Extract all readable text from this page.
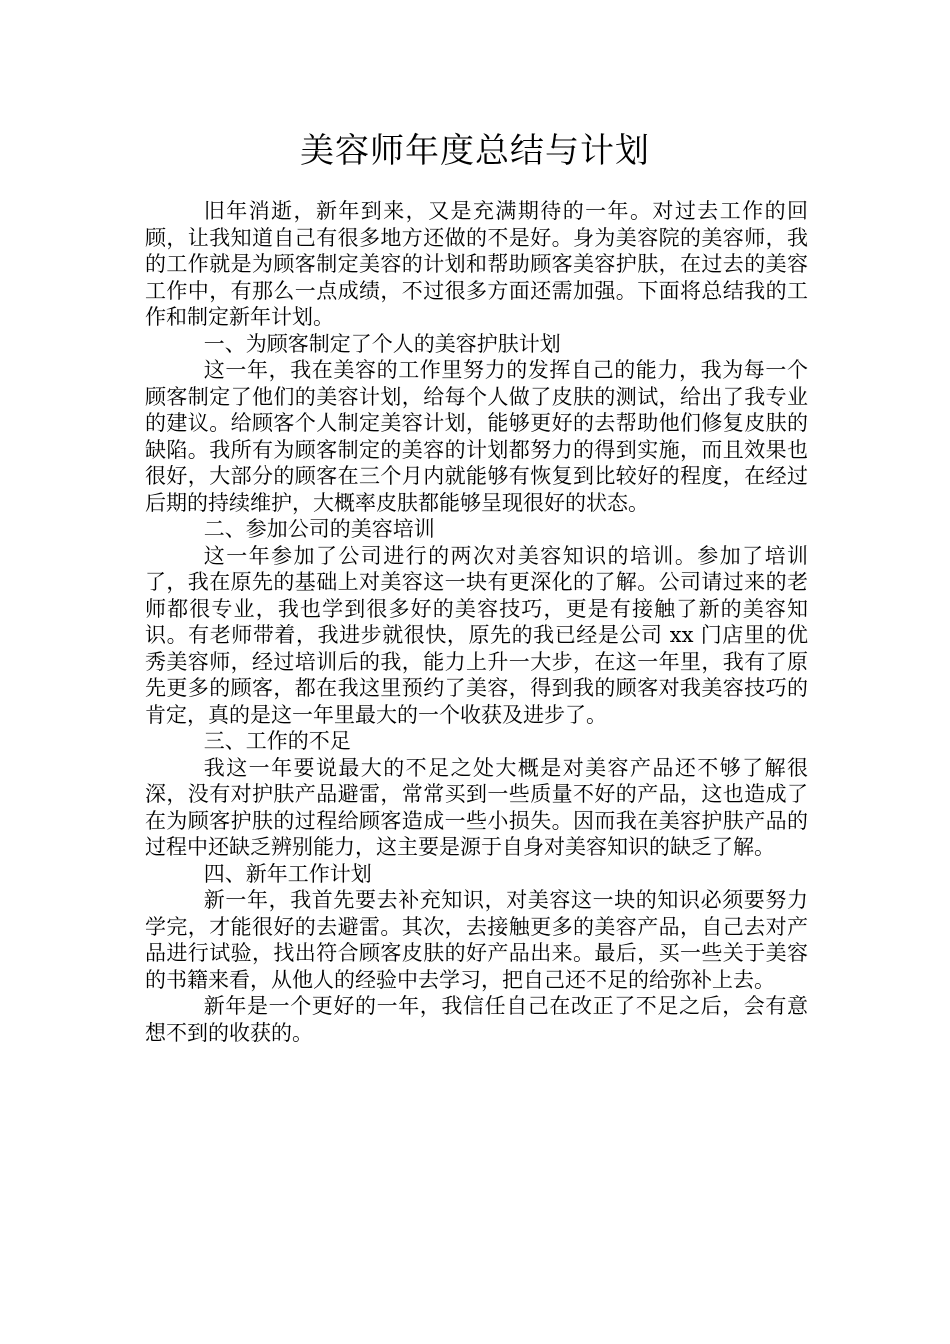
美容师年度总结与计划

旧年消逝，新年到来，又是充满期待的一年。对过去工作的回顾，让我知道自己有很多地方还做的不是好。身为美容院的美容师，我的工作就是为顾客制定美容的计划和帮助顾客美容护肤，在过去的美容工作中，有那么一点成绩，不过很多方面还需加强。下面将总结我的工作和制定新年计划。

一、为顾客制定了个人的美容护肤计划

这一年，我在美容的工作里努力的发挥自己的能力，我为每一个顾客制定了他们的美容计划，给每个人做了皮肤的测试，给出了我专业的建议。给顾客个人制定美容计划，能够更好的去帮助他们修复皮肤的缺陷。我所有为顾客制定的美容的计划都努力的得到实施，而且效果也很好，大部分的顾客在三个月内就能够有恢复到比较好的程度，在经过后期的持续维护，大概率皮肤都能够呈现很好的状态。

二、参加公司的美容培训

这一年参加了公司进行的两次对美容知识的培训。参加了培训了，我在原先的基础上对美容这一块有更深化的了解。公司请过来的老师都很专业，我也学到很多好的美容技巧，更是有接触了新的美容知识。有老师带着，我进步就很快，原先的我已经是公司 xx 门店里的优秀美容师，经过培训后的我，能力上升一大步，在这一年里，我有了原先更多的顾客，都在我这里预约了美容，得到我的顾客对我美容技巧的肯定，真的是这一年里最大的一个收获及进步了。

三、工作的不足

我这一年要说最大的不足之处大概是对美容产品还不够了解很深，没有对护肤产品避雷，常常买到一些质量不好的产品，这也造成了在为顾客护肤的过程给顾客造成一些小损失。因而我在美容护肤产品的过程中还缺乏辨别能力，这主要是源于自身对美容知识的缺乏了解。

四、新年工作计划

新一年，我首先要去补充知识，对美容这一块的知识必须要努力学完，才能很好的去避雷。其次，去接触更多的美容产品，自己去对产品进行试验，找出符合顾客皮肤的好产品出来。最后，买一些关于美容的书籍来看，从他人的经验中去学习，把自己还不足的给弥补上去。

新年是一个更好的一年，我信任自己在改正了不足之后，会有意想不到的收获的。
